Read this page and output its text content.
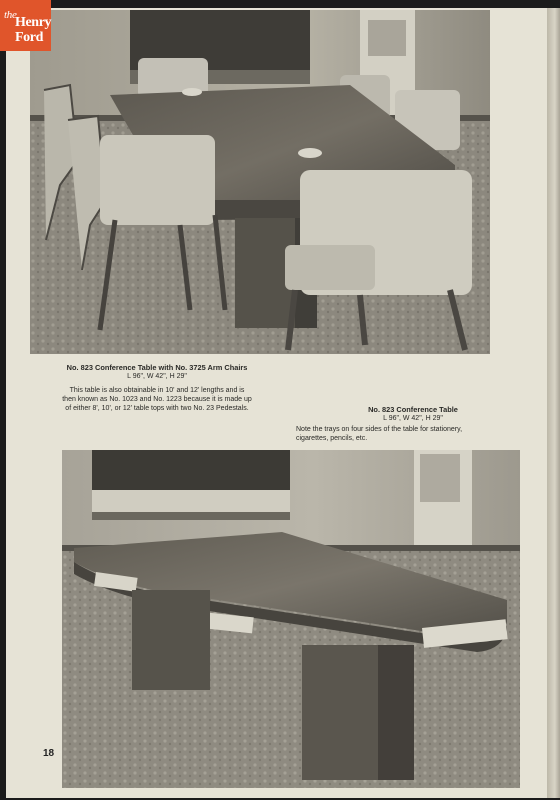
the
Henry
Ford
No. 823 Conference Table with No. 3725 Arm Chairs
L 96", W 42", H 29"
This table is also obtainable in 10' and 12' lengths and is
then known as No. 1023 and No. 1223 because it is made up
of either 8', 10', or 12' table tops with two No. 23 Pedestals.	No. 823 Conference Table
L 96", W 42", H 29"
Note the trays on four sides of the table for stationery,
cigarettes, pencils, etc.
18
